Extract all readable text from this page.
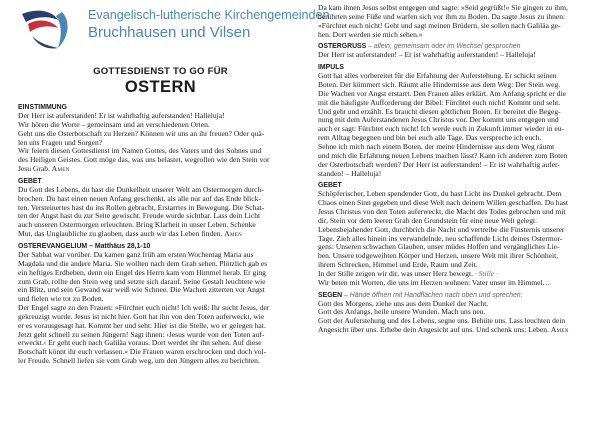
Evangelisch-lutherische Kirchengemeinden
Bruchhausen und Vilsen
GOTTESDIENST TO GO FÜR
OSTERN
EINSTIMMUNG

Der Herr ist auferstanden! Er ist wahrhaftig auferstanden! Halleluja!
Wir hören die Worte – gemeinsam und an verschiedenen Orten.
Geht uns die Osterbotschaft zu Herzen? Können wir uns an ihr freuen? Oder quä-
len uns Fragen und Sorgen?
Wir feiern diesen Gottesdienst im Namen Gottes, des Vaters und des Sohnes und
des Heiligen Geistes. Gott möge das, was uns belastet, wegrollen wie den Stein vor
Jesu Grab. Amen

GEBET

Du Gott des Lebens, du hast die Dunkelheit unserer Welt am Ostermorgen durch-
brochen. Du hast einen neuen Anfang geschenkt, als alle nur auf das Ende blick-
ten. Versteinertes hast du ins Rollen gebracht, Erstarrtes in Bewegung. Die Schat-
ten der Angst hast du zur Seite gewischt. Freude wurde sichtbar. Lass dein Licht
auch unseren Ostermorgen erleuchten. Bring Klarheit in unser Leben. Schenke
Mut, das Unglaubliche zu glauben, dass auch wir das Leben finden. Amen

OSTEREVANGELIUM – Matthäus 28,1-10

Der Sabbat war vorüber. Da kamen ganz früh am ersten Wochentag Maria aus
Magdala und die andere Maria. Sie wollten nach dem Grab sehen. Plötzlich gab es
ein heftiges Erdbeben, denn ein Engel des Herrn kam vom Himmel herab. Er ging
zum Grab, rollte den Stein weg und setzte sich darauf. Seine Gestalt leuchtete wie
ein Blitz, und sein Gewand war weiß wie Schnee. Die Wachen zitterten vor Angst
und fielen wie tot zu Boden.
Der Engel sagte zu den Frauen: »Fürchtet euch nicht! Ich weiß: Ihr sucht Jesus, der
gekreuzigt wurde. Jesus ist nicht hier. Gott hat ihn von den Toten auferweckt, wie
er es vorausgesagt hat. Kommt her und seht: Hier ist die Stelle, wo er gelegen hat.
Jetzt geht schnell zu seinen Jüngern! Sagt ihnen: ›Jesus wurde von den Toten auf-
erweckt.‹ Er geht euch nach Galiläa voraus. Dort werdet ihr ihn sehen. Auf diese
Botschaft könnt ihr euch verlassen.« Die Frauen waren erschrocken und doch vol-
ler Freude. Schnell liefen sie vom Grab weg, um den Jüngern alles zu berichten.

Da kam ihnen Jesus selbst entgegen und sagte: »Seid gegrüßt!« Sie gingen zu ihm,
berührten seine Füße und warfen sich vor ihm zu Boden. Da sagte Jesus zu ihnen:
»Fürchtet euch nicht! Geht und sagt meinen Brüdern, sie sollen nach Galiläa ge-
hen. Dort werden sie mich sehen.«

OSTERGRUSS – allein, gemeinsam oder im Wechsel gesprochen

Der Herr ist auferstanden! – Er ist wahrhaftig auferstanden! – Halleluja!

IMPULS

Gott hat alles vorbereitet für die Erfahrung der Auferstehung. Er schickt seinen
Boten. Der kümmert sich. Räumt alle Hindernisse aus dem Weg: Der Stein weg.
Die Wachen vor Angst erstarrt. Den Frauen alles erklärt. Am Anfang spricht er die
mit die häufigste Aufforderung der Bibel: Fürchtet euch nicht! Kommt und seht.
Und geht und erzählt. Es braucht diesen göttlichen Boten. Er bereitet die Begeg-
nung mit dem Auferstandenen Jesus Christus vor. Der kommt uns entgegen und
auch er sagt: Fürchtet euch nicht! Ich werde euch in Zukunft immer wieder in eu-
rem Alltag begegnen und bin bei euch alle Tage. Das verspreche ich euch.
Sehne ich mich nach einem Boten, der meine Hindernisse aus dem Weg räumt
und mich die Erfahrung neuen Lebens machen lässt? Kann ich anderen zum Boten
der Osterbotschaft werden? Der Herr ist auferstanden! – Er ist wahrhaftig aufer-
standen! – Halleluja!

GEBET

Schöpferischer, Leben spendender Gott, du hast Licht ins Dunkel gebracht. Dem
Chaos einen Sinn gegeben und diese Welt nach deinem Willen geschaffen. Du hast
Jesus Christus von den Toten auferweckt, die Macht des Todes gebrochen und mit
dir, Stein vor dem leeren Grab den Grundstein für eine neue Welt gelegt.
Lebensbejahender Gott, durchbrich die Nacht und vertreibe die Finsternis unserer
Tage. Zieh alles hinein ins verwandelnde, neu schaffende Licht deines Ostermor-
gens: Unseren schwachen Glauben, unser müdes Hoffen und vergängliches Lie-
ben. Unsere todgeweihten Körper und Herzen, unsere Welt mit ihrer Schönheit,
ihrem Schrecken, Himmel und Erde, Raum und Zeit.
In der Stille zeigen wir dir, was unser Herz bewegt. · Stille ·
Wir beten mit Worten, die uns im Herzen wohnen: Vater unser im Himmel…

SEGEN – Hände öffnen mit Handflächen nach oben und sprechen:

Gott des Morgens, ziehe uns aus dem Dunkel der Nacht.
Gott des Anfangs, heile unsere Wunden. Mach uns neu.
Gott der Auferstehung und des Lebens, segne uns. Behüte uns. Lass leuchten dein
Angesicht über uns. Erhebe dein Angesicht auf uns. Und schenk uns: Leben. Amen
